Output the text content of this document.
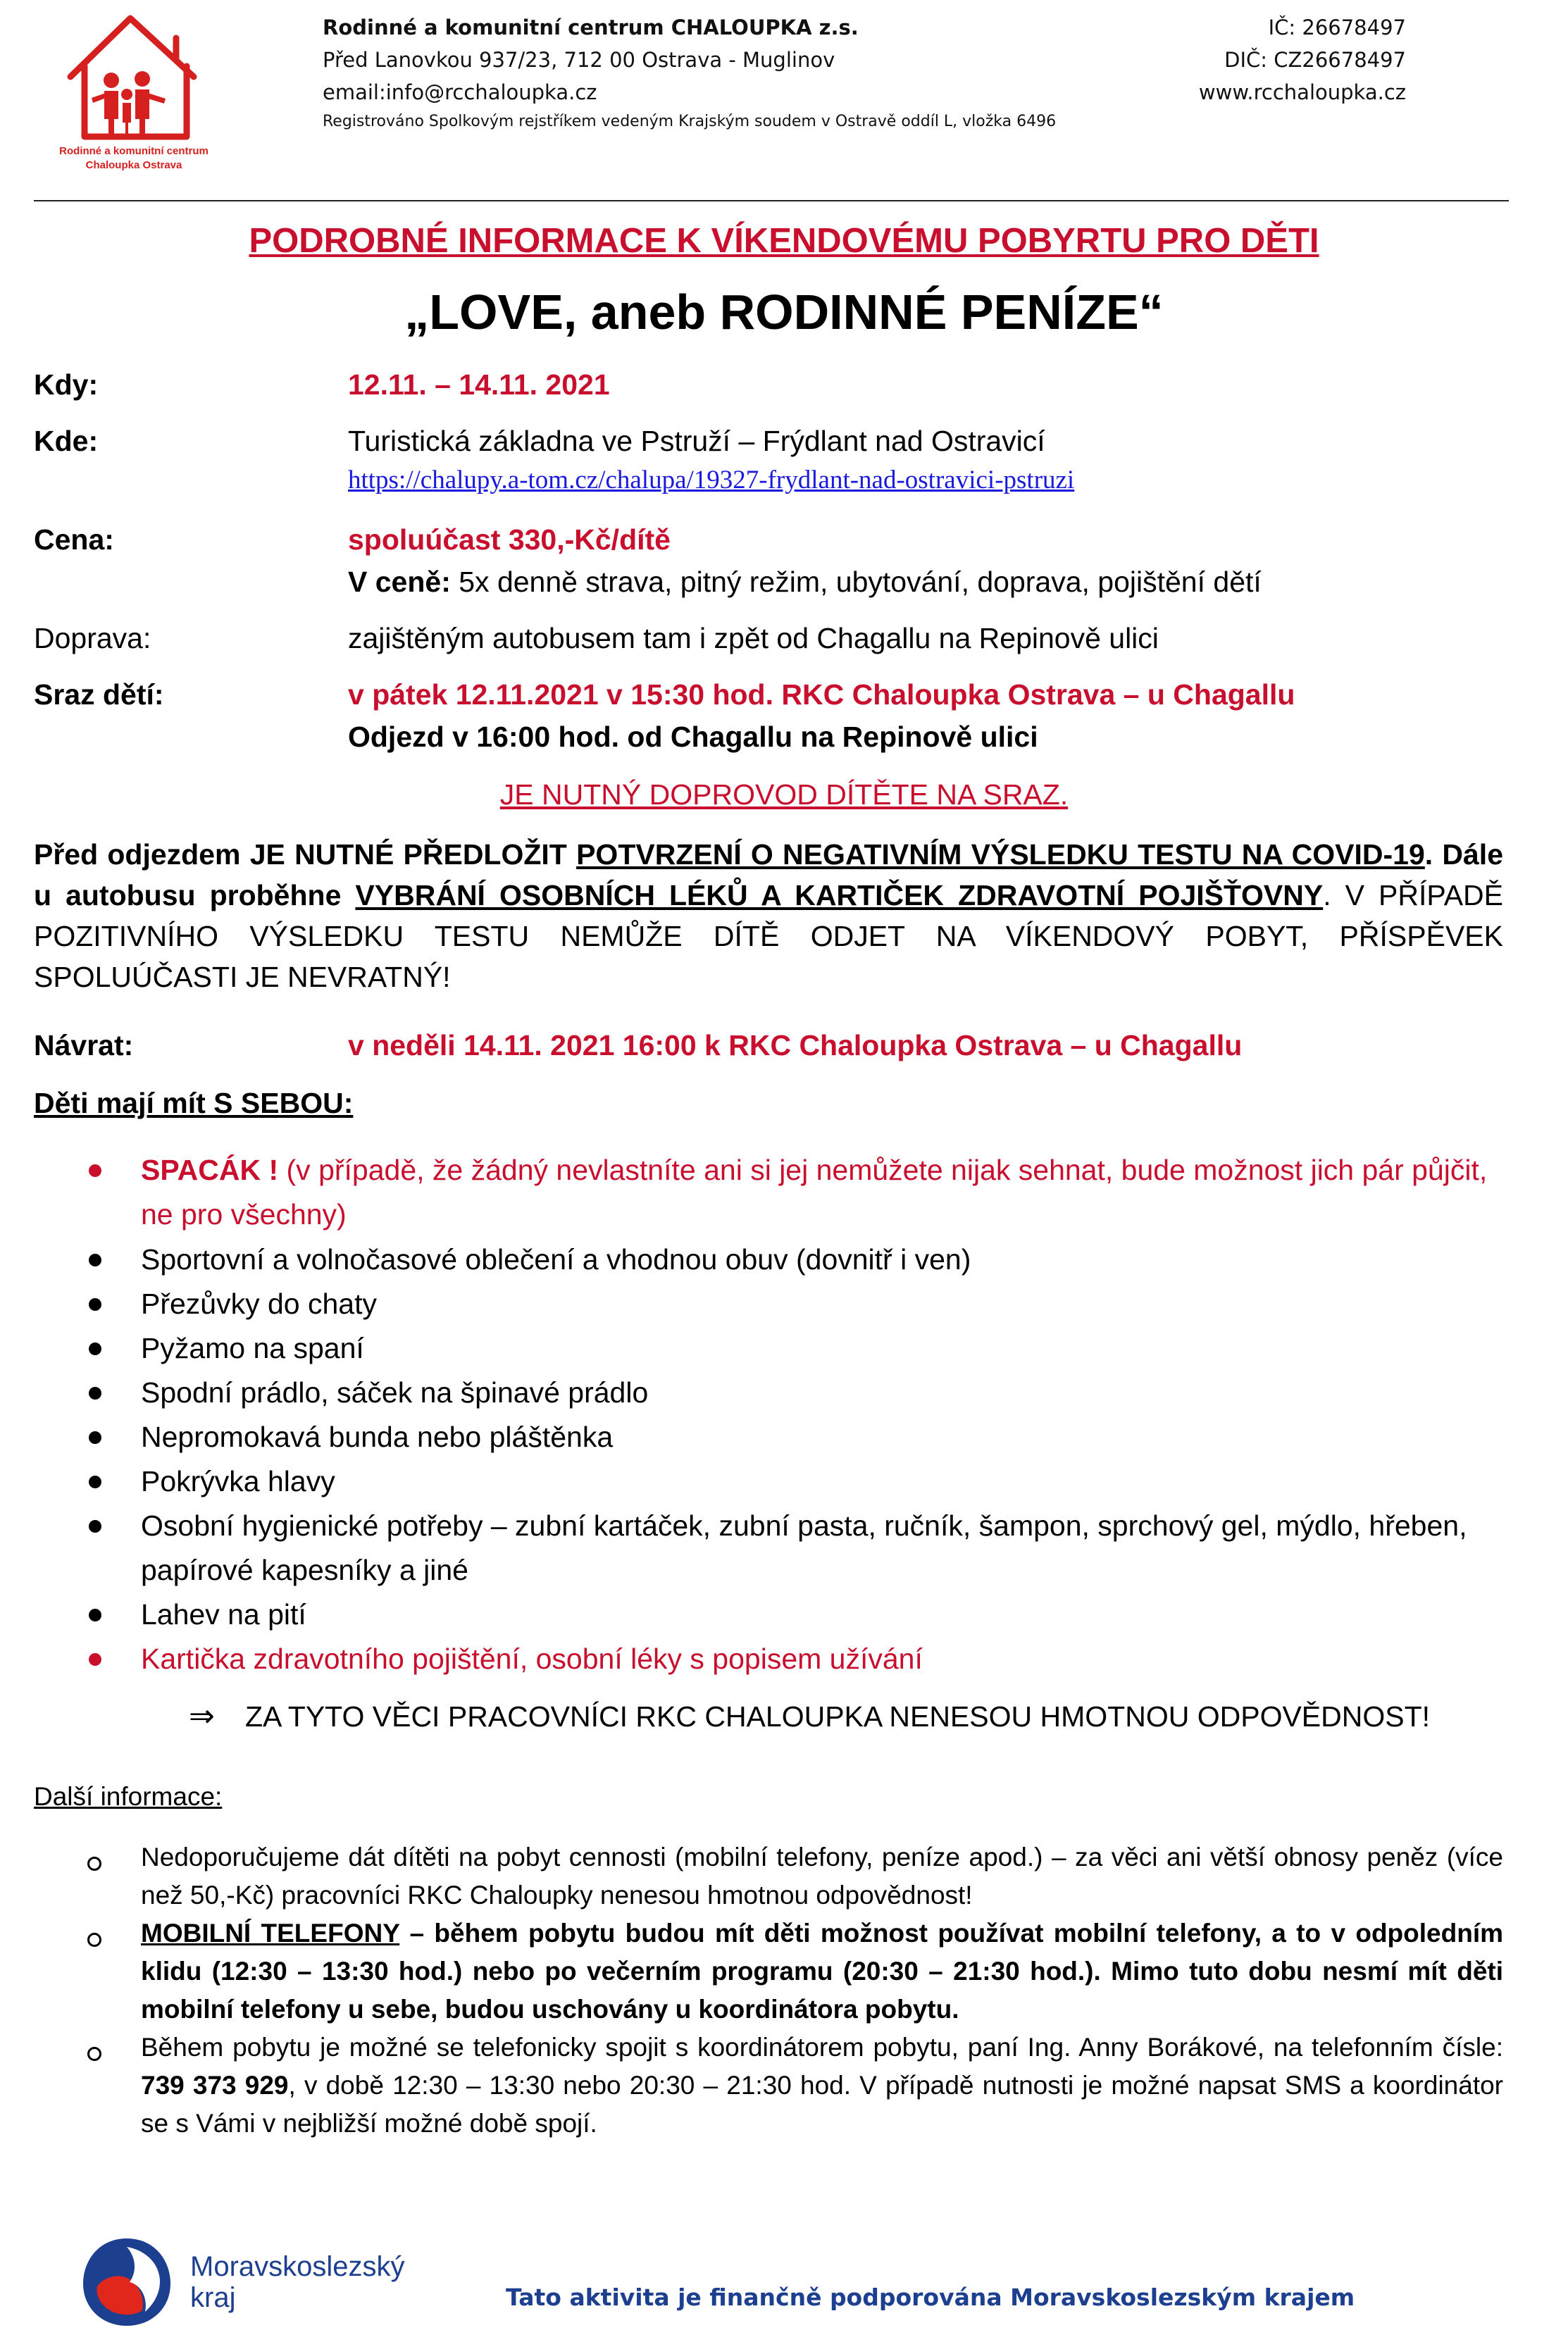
Rodinné a komunitní centrum
Chaloupka Ostrava
Rodinné a komunitní centrum CHALOUPKA z.s.
Před Lanovkou 937/23, 712 00 Ostrava - Muglinov
email:info@rcchaloupka.cz
Registrováno Spolkovým rejstříkem vedeným Krajským soudem v Ostravě oddíl L, vložka 6496
IČ: 26678497
DIČ: CZ26678497
www.rcchaloupka.cz
PODROBNÉ INFORMACE K VÍKENDOVÉMU POBYRTU PRO DĚTI
„LOVE, aneb RODINNÉ PENÍZE“
Kdy:	12.11. – 14.11. 2021
Kde:	Turistická základna ve Pstruží – Frýdlant nad Ostravicí
https://chalupy.a-tom.cz/chalupa/19327-frydlant-nad-ostravici-pstruzi
Cena:	spoluúčast 330,-Kč/dítě
V ceně: 5x denně strava, pitný režim, ubytování, doprava, pojištění dětí
Doprava:	zajištěným autobusem tam i zpět od Chagallu na Repinově ulici
Sraz dětí:	v pátek 12.11.2021 v 15:30 hod. RKC Chaloupka Ostrava – u Chagallu
Odjezd v 16:00 hod. od Chagallu na Repinově ulici
JE NUTNÝ DOPROVOD DÍTĚTE NA SRAZ.
Před odjezdem JE NUTNÉ PŘEDLOŽIT POTVRZENÍ O NEGATIVNÍM VÝSLEDKU TESTU NA COVID-19. Dále u autobusu proběhne VYBRÁNÍ OSOBNÍCH LÉKŮ A KARTIČEK ZDRAVOTNÍ POJIŠŤOVNY. V PŘÍPADĚ POZITIVNÍHO VÝSLEDKU TESTU NEMŮŽE DÍTĚ ODJET NA VÍKENDOVÝ POBYT, PŘÍSPĚVEK SPOLUÚČASTI JE NEVRATNÝ!
Návrat:	v neděli 14.11. 2021 16:00 k RKC Chaloupka Ostrava – u Chagallu
Děti mají mít S SEBOU:
SPACÁK ! (v případě, že žádný nevlastníte ani si jej nemůžete nijak sehnat, bude možnost jich pár půjčit, ne pro všechny)
Sportovní a volnočasové oblečení a vhodnou obuv (dovnitř i ven)
Přezůvky do chaty
Pyžamo na spaní
Spodní prádlo, sáček na špinavé prádlo
Nepromokavá bunda nebo pláštěnka
Pokrývka hlavy
Osobní hygienické potřeby – zubní kartáček, zubní pasta, ručník, šampon, sprchový gel, mýdlo, hřeben, papírové kapesníky a jiné
Lahev na pití
Kartička zdravotního pojištění, osobní léky s popisem užívání
⇒ ZA TYTO VĚCI PRACOVNÍCI RKC CHALOUPKA NENESOU HMOTNOU ODPOVĚDNOST!
Další informace:
Nedoporučujeme dát dítěti na pobyt cennosti (mobilní telefony, peníze apod.) – za věci ani větší obnosy peněz (více než 50,-Kč) pracovníci RKC Chaloupky nenesou hmotnou odpovědnost!
MOBILNÍ TELEFONY – během pobytu budou mít děti možnost používat mobilní telefony, a to v odpoledním klidu (12:30 – 13:30 hod.) nebo po večerním programu (20:30 – 21:30 hod.). Mimo tuto dobu nesmí mít děti mobilní telefony u sebe, budou uschovány u koordinátora pobytu.
Během pobytu je možné se telefonicky spojit s koordinátorem pobytu, paní Ing. Anny Borákové, na telefonním čísle: 739 373 929, v době 12:30 – 13:30 nebo 20:30 – 21:30 hod. V případě nutnosti je možné napsat SMS a koordinátor se s Vámi v nejbližší možné době spojí.
Moravskoslezský
kraj	Tato aktivita je finančně podporována Moravskoslezským krajem
